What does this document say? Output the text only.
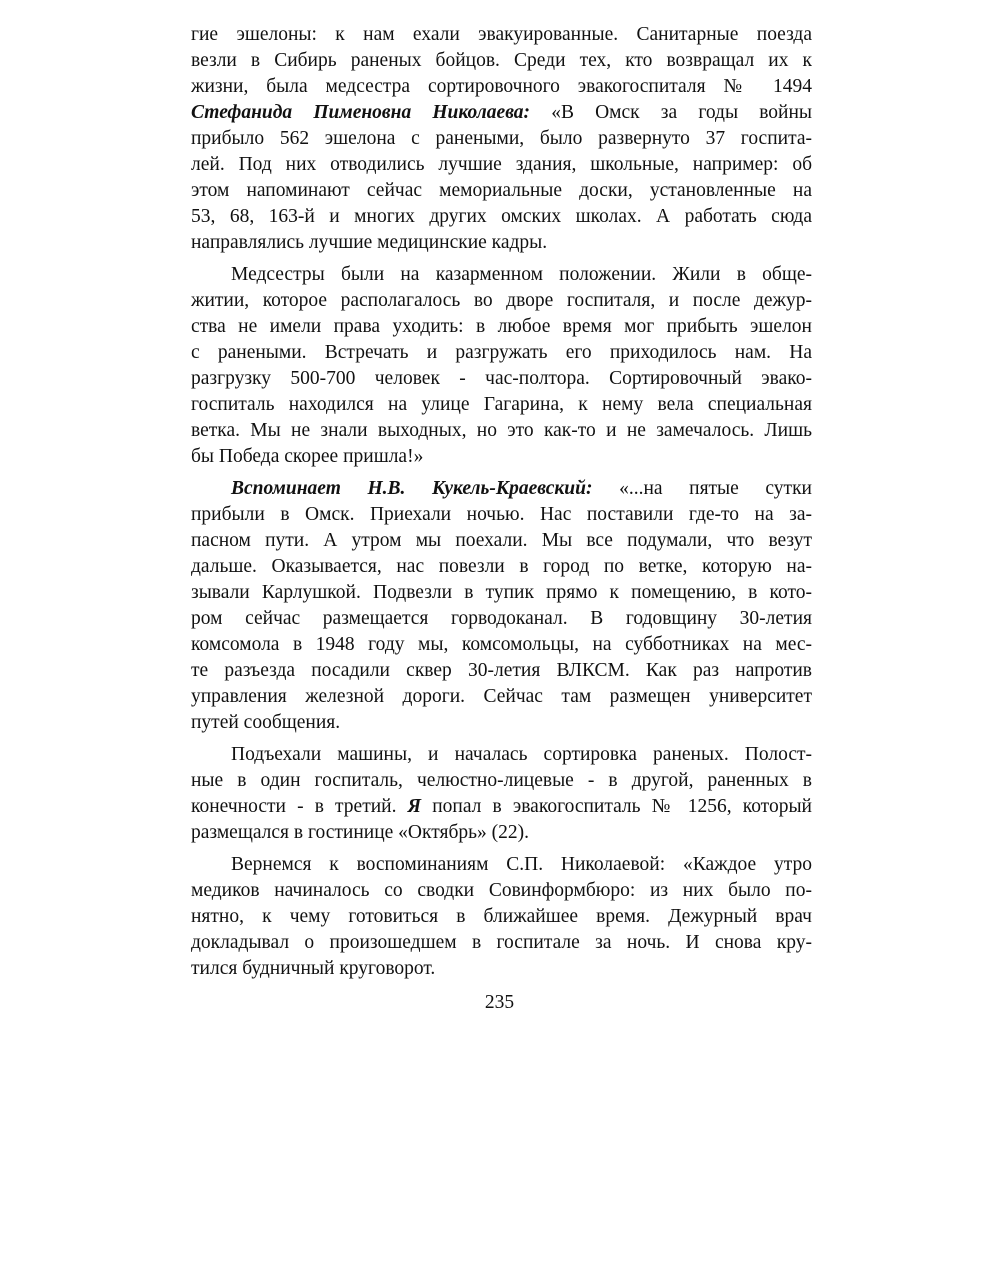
гие эшелоны: к нам ехали эвакуированные. Санитарные поезда
везли в Сибирь раненых бойцов. Среди тех, кто возвращал их к
жизни, была медсестра сортировочного эвакогоспиталя № 1494
Стефанида Пименовна Николаева: «В Омск за годы войны
прибыло 562 эшелона с ранеными, было развернуто 37 госпита-
лей. Под них отводились лучшие здания, школьные, например: об
этом напоминают сейчас мемориальные доски, установленные на
53, 68, 163-й и многих других омских школах. А работать сюда
направлялись лучшие медицинские кадры.
Медсестры были на казарменном положении. Жили в обще-
житии, которое располагалось во дворе госпиталя, и после дежур-
ства не имели права уходить: в любое время мог прибыть эшелон
с ранеными. Встречать и разгружать его приходилось нам. На
разгрузку 500-700 человек - час-полтора. Сортировочный эвако-
госпиталь находился на улице Гагарина, к нему вела специальная
ветка. Мы не знали выходных, но это как-то и не замечалось. Лишь
бы Победа скорее пришла!»
Вспоминает Н.В. Кукель-Краевский: «...на пятые сутки
прибыли в Омск. Приехали ночью. Нас поставили где-то на за-
пасном пути. А утром мы поехали. Мы все подумали, что везут
дальше. Оказывается, нас повезли в город по ветке, которую на-
зывали Карлушкой. Подвезли в тупик прямо к помещению, в кото-
ром сейчас размещается горводоканал. В годовщину 30-летия
комсомола в 1948 году мы, комсомольцы, на субботниках на мес-
те разъезда посадили сквер 30-летия ВЛКСМ. Как раз напротив
управления железной дороги. Сейчас там размещен университет
путей сообщения.
Подъехали машины, и началась сортировка раненых. Полост-
ные в один госпиталь, челюстно-лицевые - в другой, раненных в
конечности - в третий. Я попал в эвакогоспиталь № 1256, который
размещался в гостинице «Октябрь» (22).
Вернемся к воспоминаниям С.П. Николаевой: «Каждое утро
медиков начиналось со сводки Совинформбюро: из них было по-
нятно, к чему готовиться в ближайшее время. Дежурный врач
докладывал о произошедшем в госпитале за ночь. И снова кру-
тился будничный круговорот.
235
